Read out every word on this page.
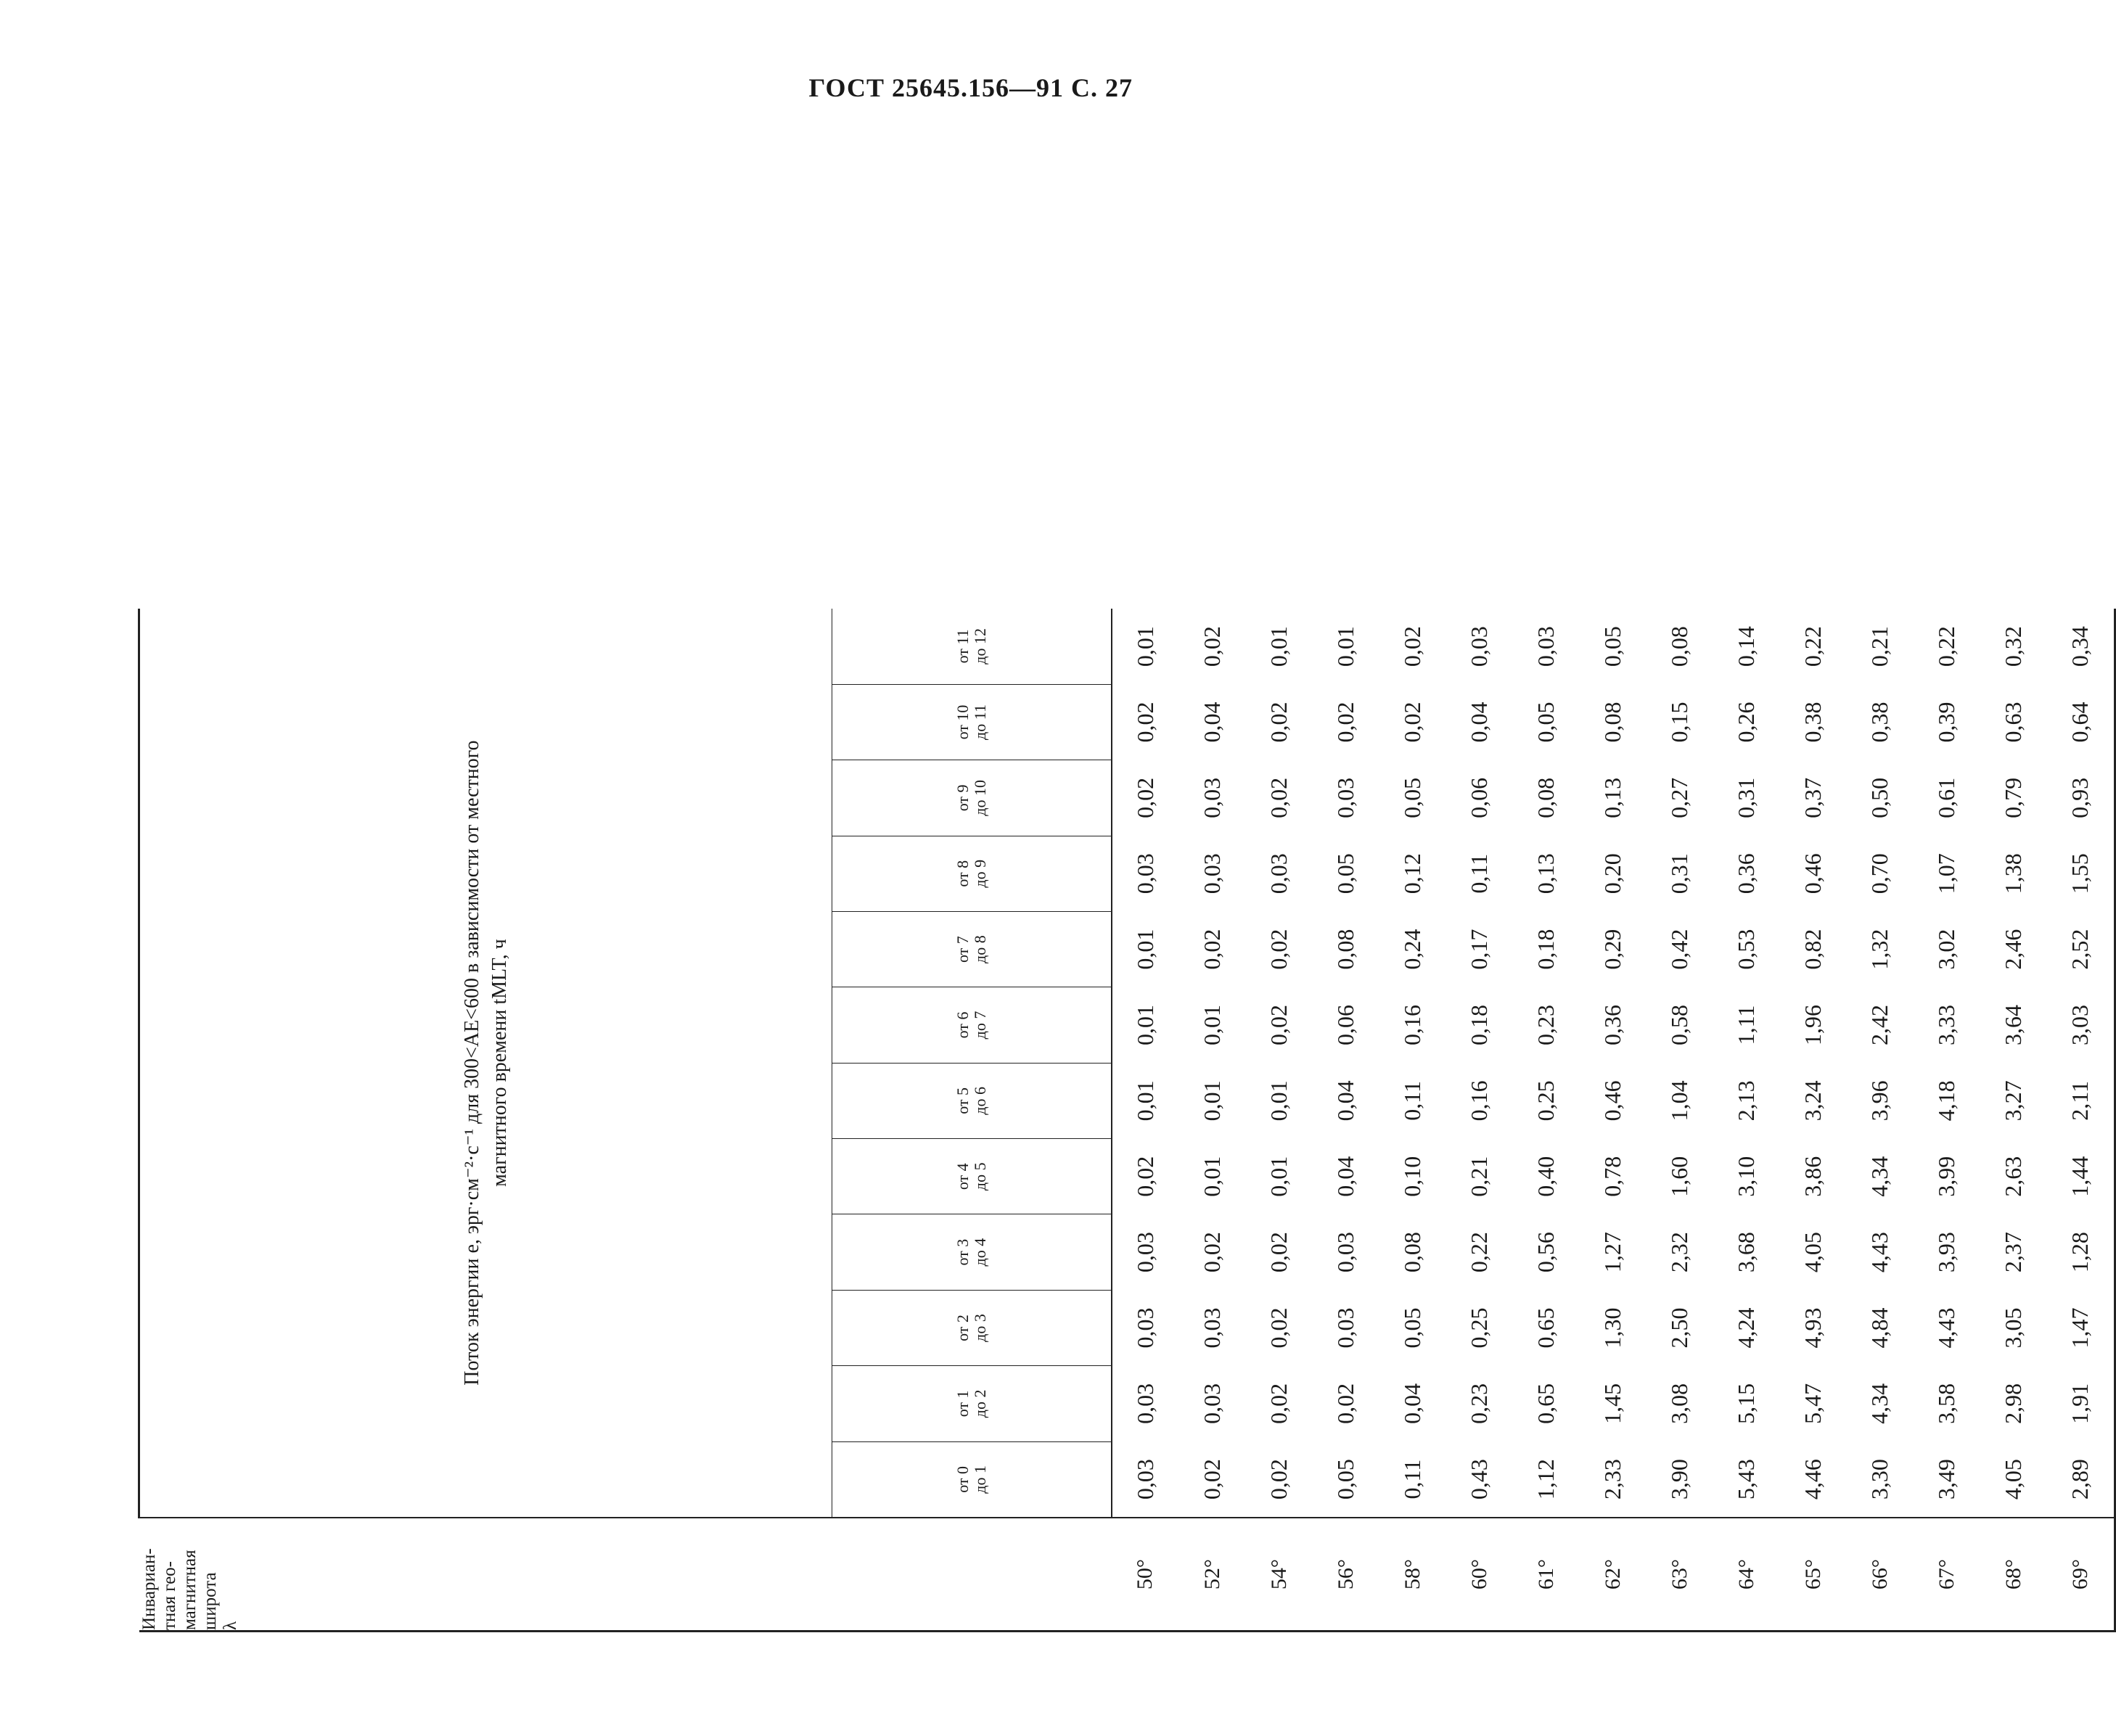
ГОСТ 25645.156—91 С. 27
Инвариан- тная гео- магнитная широта λ	Поток энергии e, эрг·см⁻²·с⁻¹ для 300<AE<600 в зависимости от местного магнитного времени tMLT, ч											

	от 0 до 1	от 1 до 2	от 2 до 3	от 3 до 4	от 4 до 5	от 5 до 6	от 6 до 7	от 7 до 8	от 8 до 9	от 9 до 10	от 10 до 11	от 11 до 12

50°	0,03	0,03	0,03	0,03	0,02	0,01	0,01	0,01	0,03	0,02	0,02	0,01
52°	0,02	0,03	0,03	0,02	0,01	0,01	0,01	0,02	0,03	0,03	0,04	0,02
54°	0,02	0,02	0,02	0,02	0,01	0,01	0,02	0,02	0,03	0,02	0,02	0,01
56°	0,05	0,02	0,03	0,03	0,04	0,04	0,06	0,08	0,05	0,03	0,02	0,01
58°	0,11	0,04	0,05	0,08	0,10	0,11	0,16	0,24	0,12	0,05	0,02	0,02
60°	0,43	0,23	0,25	0,22	0,21	0,16	0,18	0,17	0,11	0,06	0,04	0,03
61°	1,12	0,65	0,65	0,56	0,40	0,25	0,23	0,18	0,13	0,08	0,05	0,03
62°	2,33	1,45	1,30	1,27	0,78	0,46	0,36	0,29	0,20	0,13	0,08	0,05
63°	3,90	3,08	2,50	2,32	1,60	1,04	0,58	0,42	0,31	0,27	0,15	0,08
64°	5,43	5,15	4,24	3,68	3,10	2,13	1,11	0,53	0,36	0,31	0,26	0,14
65°	4,46	5,47	4,93	4,05	3,86	3,24	1,96	0,82	0,46	0,37	0,38	0,22
66°	3,30	4,34	4,84	4,43	4,34	3,96	2,42	1,32	0,70	0,50	0,38	0,21
67°	3,49	3,58	4,43	3,93	3,99	4,18	3,33	3,02	1,07	0,61	0,39	0,22
68°	4,05	2,98	3,05	2,37	2,63	3,27	3,64	2,46	1,38	0,79	0,63	0,32
69°	2,89	1,91	1,47	1,28	1,44	2,11	3,03	2,52	1,55	0,93	0,64	0,34
